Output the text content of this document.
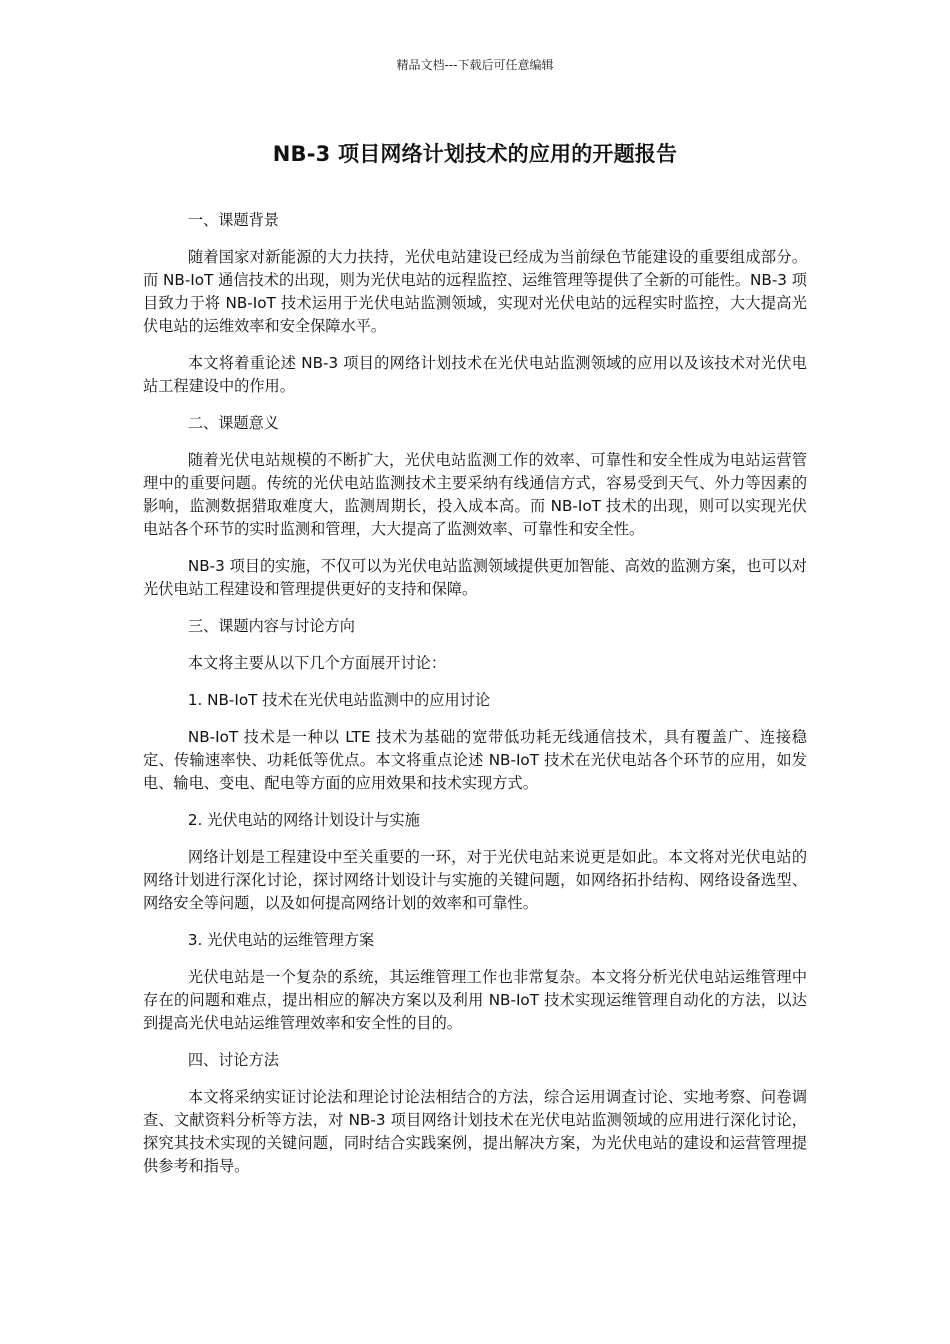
精品文档---下载后可任意编辑
NB-3 项目网络计划技术的应用的开题报告

一、课题背景

随着国家对新能源的大力扶持，光伏电站建设已经成为当前绿色节能建设的重要组成部分。而 NB-IoT 通信技术的出现，则为光伏电站的远程监控、运维管理等提供了全新的可能性。NB-3 项目致力于将 NB-IoT 技术运用于光伏电站监测领域，实现对光伏电站的远程实时监控，大大提高光伏电站的运维效率和安全保障水平。

本文将着重论述 NB-3 项目的网络计划技术在光伏电站监测领域的应用以及该技术对光伏电站工程建设中的作用。

二、课题意义

随着光伏电站规模的不断扩大，光伏电站监测工作的效率、可靠性和安全性成为电站运营管理中的重要问题。传统的光伏电站监测技术主要采纳有线通信方式，容易受到天气、外力等因素的影响，监测数据猎取难度大，监测周期长，投入成本高。而 NB-IoT 技术的出现，则可以实现光伏电站各个环节的实时监测和管理，大大提高了监测效率、可靠性和安全性。

NB-3 项目的实施，不仅可以为光伏电站监测领域提供更加智能、高效的监测方案，也可以对光伏电站工程建设和管理提供更好的支持和保障。

三、课题内容与讨论方向

本文将主要从以下几个方面展开讨论：

1. NB-IoT 技术在光伏电站监测中的应用讨论

NB-IoT 技术是一种以 LTE 技术为基础的宽带低功耗无线通信技术，具有覆盖广、连接稳定、传输速率快、功耗低等优点。本文将重点论述 NB-IoT 技术在光伏电站各个环节的应用，如发电、输电、变电、配电等方面的应用效果和技术实现方式。

2. 光伏电站的网络计划设计与实施

网络计划是工程建设中至关重要的一环，对于光伏电站来说更是如此。本文将对光伏电站的网络计划进行深化讨论，探讨网络计划设计与实施的关键问题，如网络拓扑结构、网络设备选型、网络安全等问题，以及如何提高网络计划的效率和可靠性。

3. 光伏电站的运维管理方案

光伏电站是一个复杂的系统，其运维管理工作也非常复杂。本文将分析光伏电站运维管理中存在的问题和难点，提出相应的解决方案以及利用 NB-IoT 技术实现运维管理自动化的方法，以达到提高光伏电站运维管理效率和安全性的目的。

四、讨论方法

本文将采纳实证讨论法和理论讨论法相结合的方法，综合运用调查讨论、实地考察、问卷调查、文献资料分析等方法，对 NB-3 项目网络计划技术在光伏电站监测领域的应用进行深化讨论，探究其技术实现的关键问题，同时结合实践案例，提出解决方案，为光伏电站的建设和运营管理提供参考和指导。
